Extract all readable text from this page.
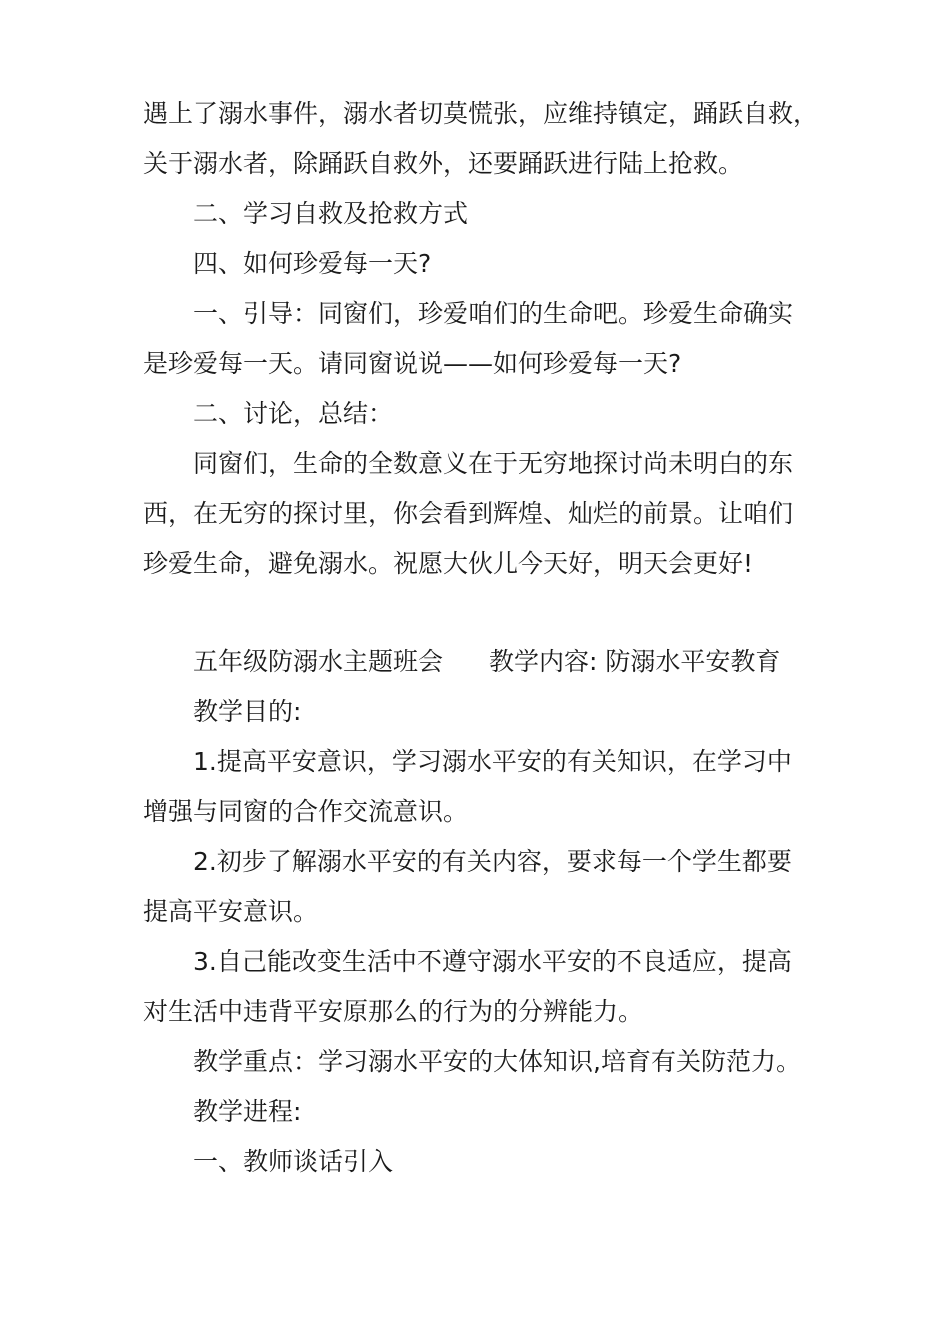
遇上了溺水事件，溺水者切莫慌张，应维持镇定，踊跃自救，
关于溺水者，除踊跃自救外，还要踊跃进行陆上抢救。
二、学习自救及抢救方式
四、如何珍爱每一天?
一、引导：同窗们，珍爱咱们的生命吧。珍爱生命确实
是珍爱每一天。请同窗说说——如何珍爱每一天?
二、讨论，总结：
同窗们，生命的全数意义在于无穷地探讨尚未明白的东
西，在无穷的探讨里，你会看到辉煌、灿烂的前景。让咱们
珍爱生命，避免溺水。祝愿大伙儿今天好，明天会更好!
五年级防溺水主题班会 教学内容: 防溺水平安教育
教学目的:
1.提高平安意识，学习溺水平安的有关知识，在学习中
增强与同窗的合作交流意识。
2.初步了解溺水平安的有关内容，要求每一个学生都要
提高平安意识。
3.自己能改变生活中不遵守溺水平安的不良适应，提高
对生活中违背平安原那么的行为的分辨能力。
教学重点：学习溺水平安的大体知识,培育有关防范力。
教学进程:
一、教师谈话引入
